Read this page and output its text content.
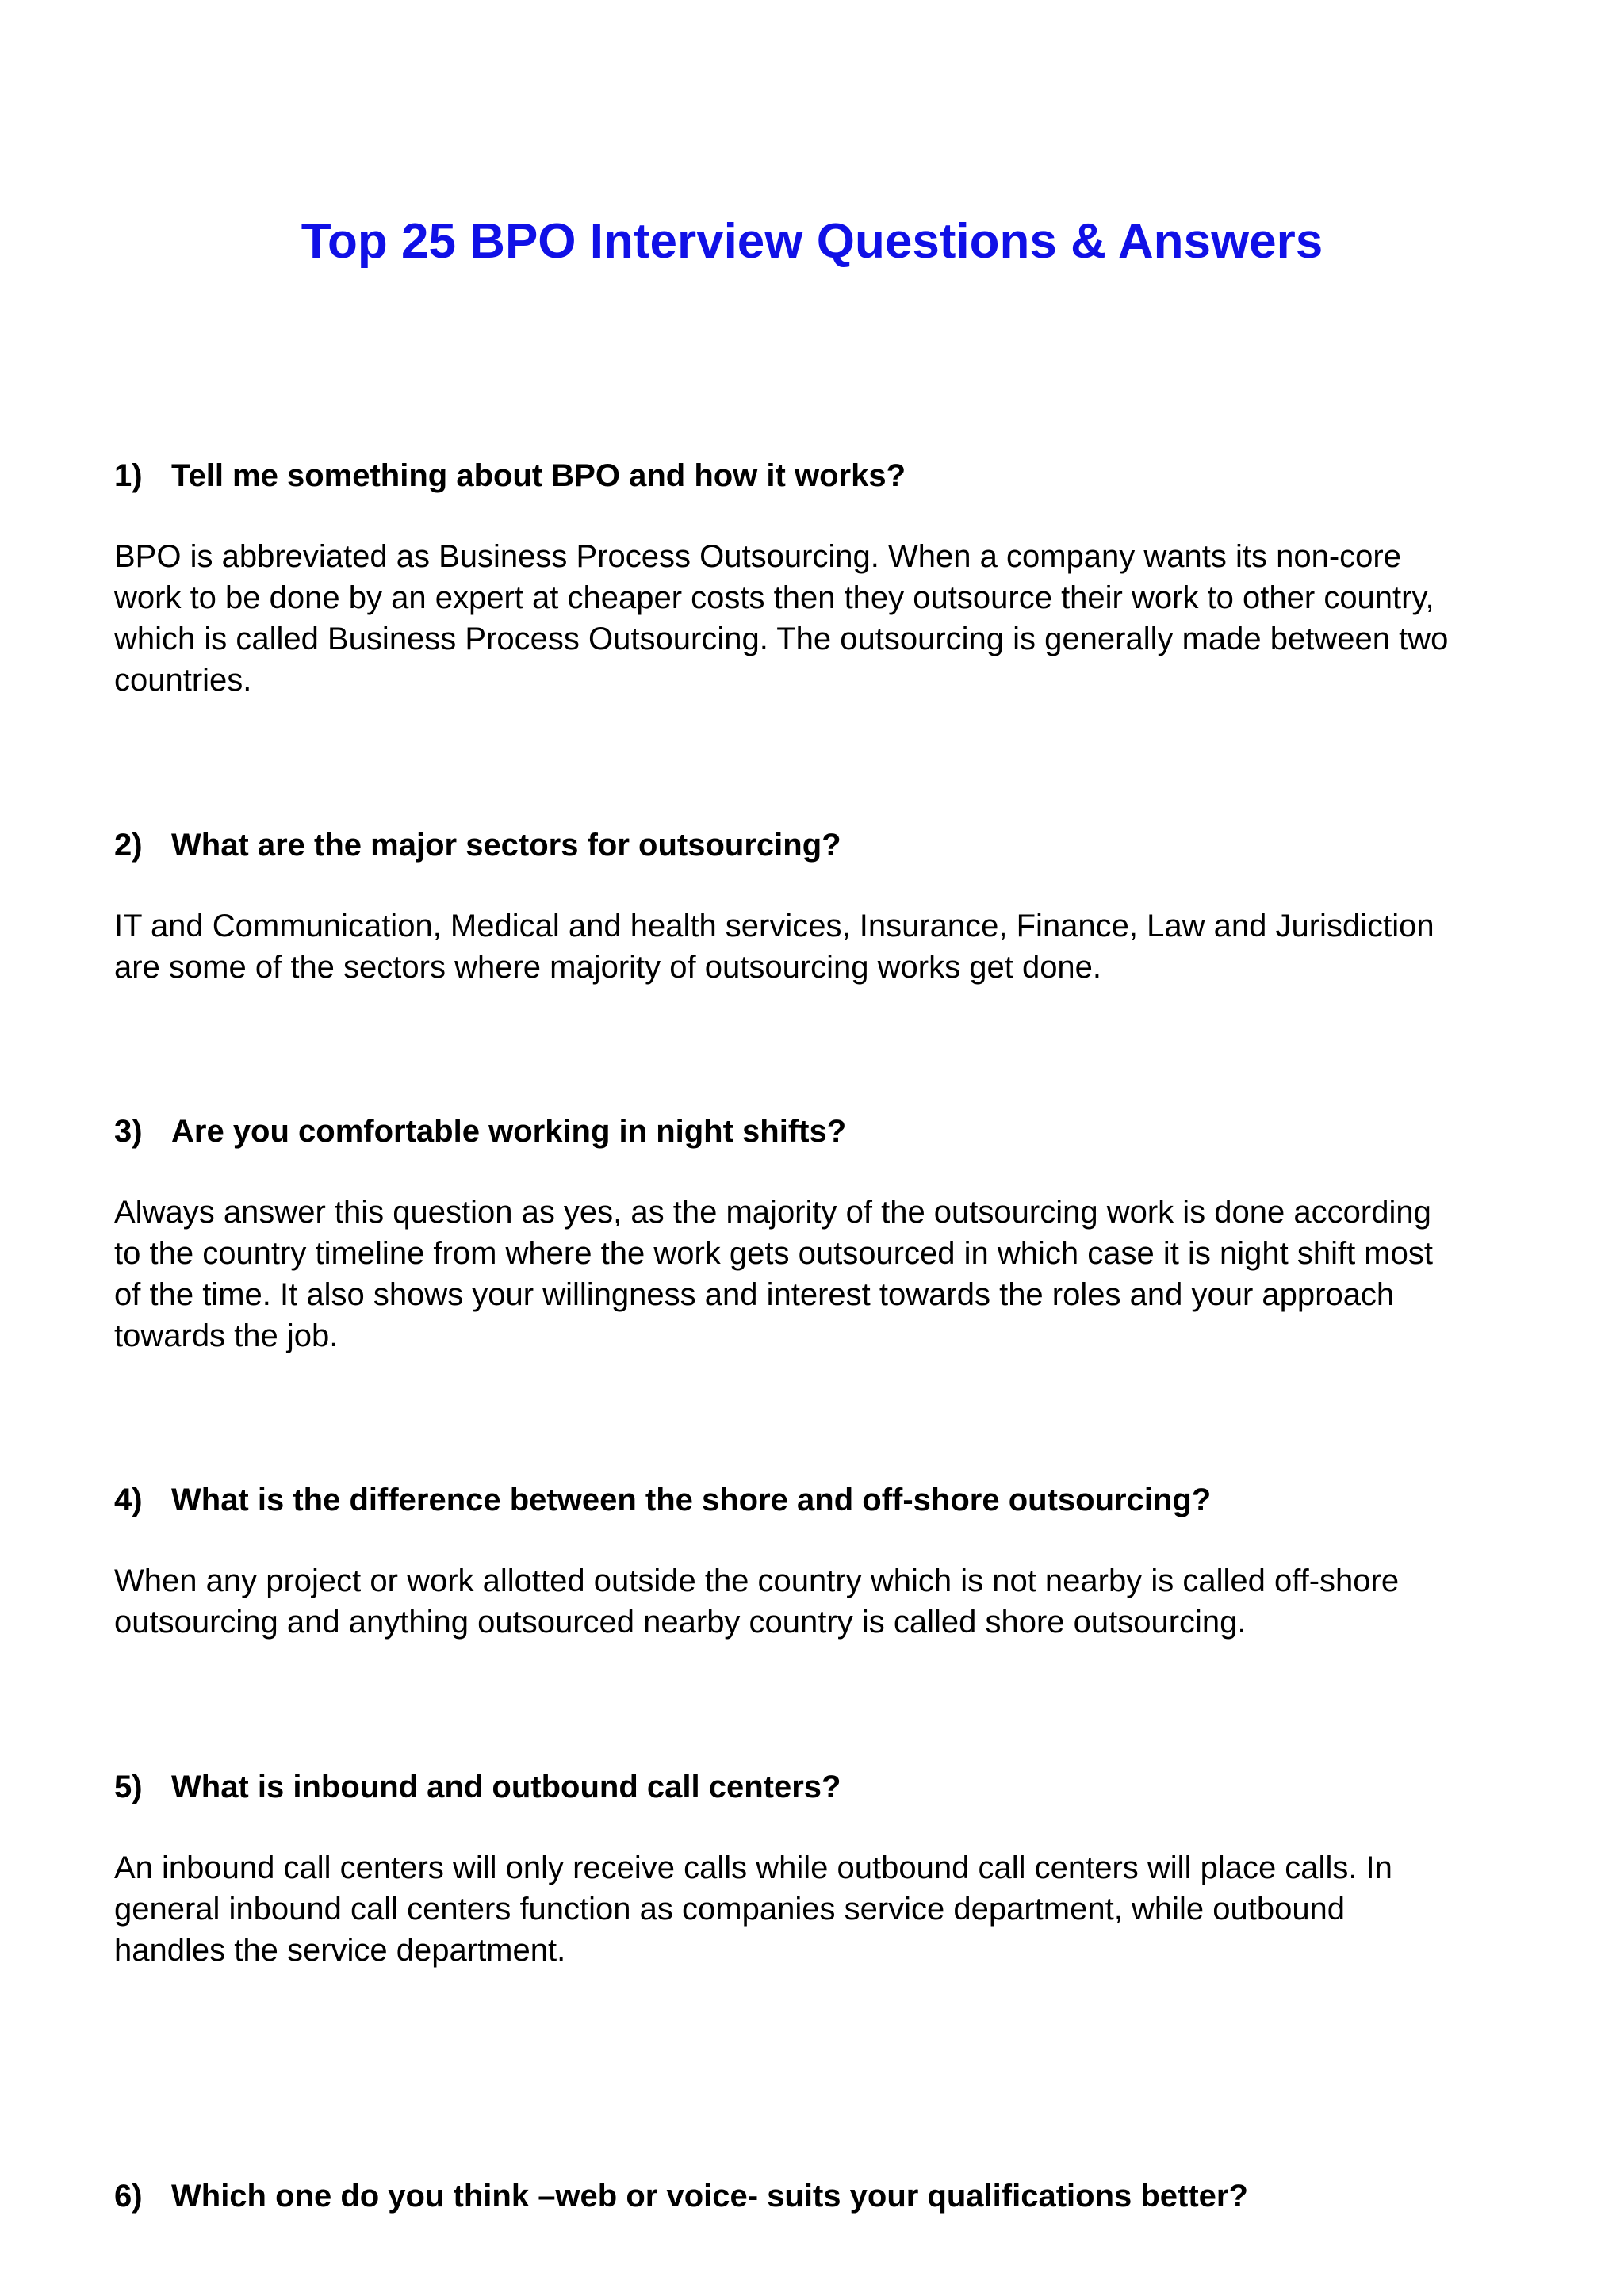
Top 25 BPO Interview Questions & Answers
1) Tell me something about BPO and how it works?
BPO is abbreviated as Business Process Outsourcing. When a company wants its non-core
work to be done by an expert at cheaper costs then they outsource their work to other country,
which is called Business Process Outsourcing. The outsourcing is generally made between two
countries.
2) What are the major sectors for outsourcing?
IT and Communication, Medical and health services, Insurance, Finance, Law and Jurisdiction
are some of the sectors where majority of outsourcing works get done.
3) Are you comfortable working in night shifts?
Always answer this question as yes, as the majority of the outsourcing work is done according
to the country timeline from where the work gets outsourced in which case it is night shift most
of the time. It also shows your willingness and interest towards the roles and your approach
towards the job.
4) What is the difference between the shore and off-shore outsourcing?
When any project or work allotted outside the country which is not nearby is called off-shore
outsourcing and anything outsourced nearby country is called shore outsourcing.
5) What is inbound and outbound call centers?
An inbound call centers will only receive calls while outbound call centers will place calls. In
general inbound call centers function as companies service department, while outbound
handles the service department.
6) Which one do you think –web or voice- suits your qualifications better?
